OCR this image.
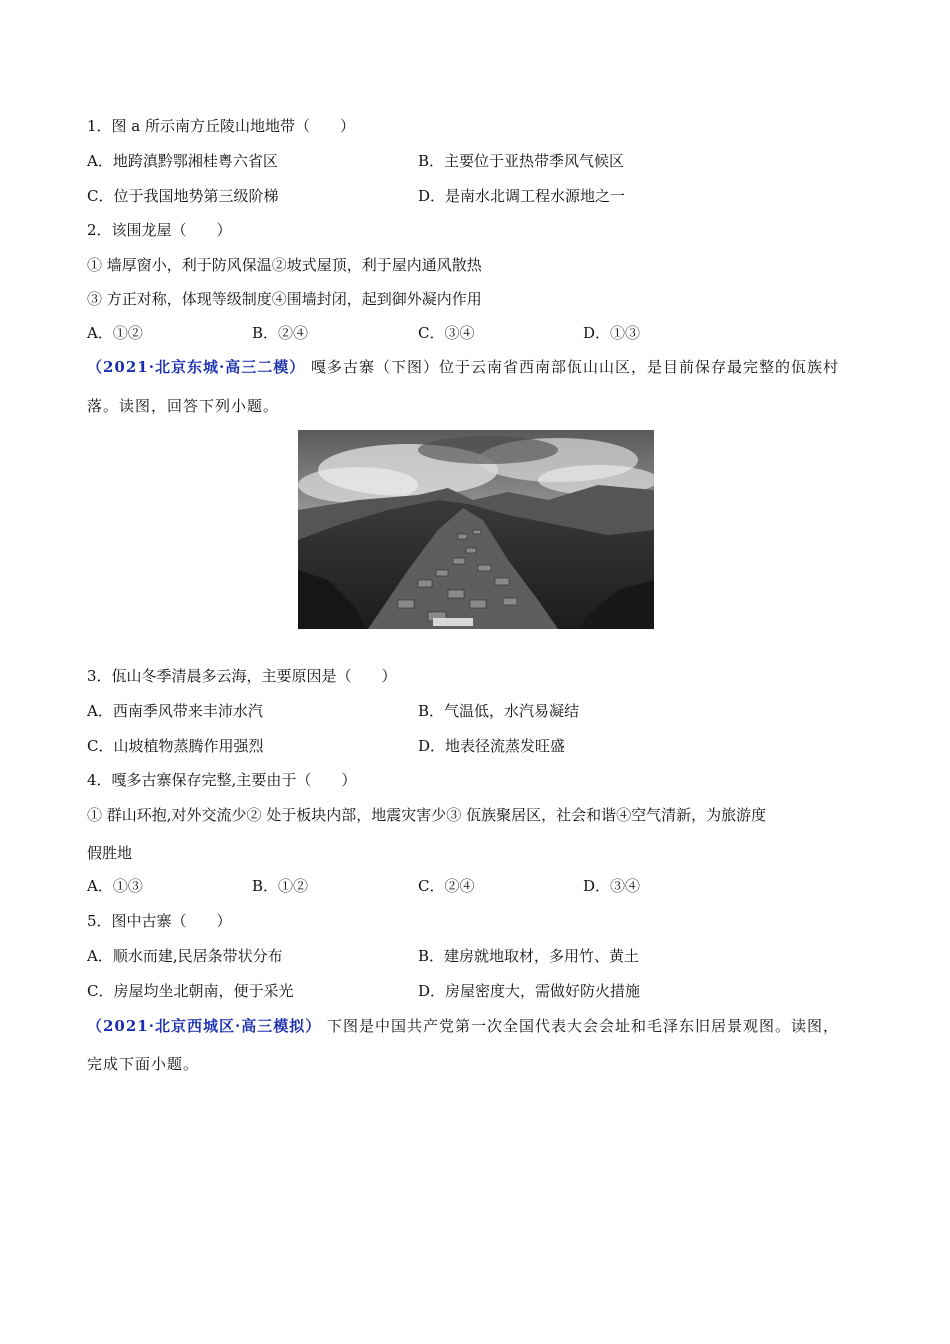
1．图 a 所示南方丘陵山地地带（　　）
A．地跨滇黔鄂湘桂粤六省区	B．主要位于亚热带季风气候区
C．位于我国地势第三级阶梯	D．是南水北调工程水源地之一
2．该围龙屋（　　）
① 墙厚窗小，利于防风保温②坡式屋顶，利于屋内通风散热
③ 方正对称，体现等级制度④围墙封闭，起到御外凝内作用
A．①②	B．②④	C．③④	D．①③
（2021·北京东城·高三二模） 嘎多古寨（下图）位于云南省西南部佤山山区，是目前保存最完整的佤族村
落。读图，回答下列小题。
3．佤山冬季清晨多云海，主要原因是（　　）
A．西南季风带来丰沛水汽	B．气温低，水汽易凝结
C．山坡植物蒸腾作用强烈	D．地表径流蒸发旺盛
4．嘎多古寨保存完整,主要由于（　　）
① 群山环抱,对外交流少② 处于板块内部，地震灾害少③ 佤族聚居区，社会和谐④空气清新，为旅游度
假胜地
A．①③	B．①②	C．②④	D．③④
5．图中古寨（　　）
A．顺水而建,民居条带状分布	B．建房就地取材，多用竹、黄土
C．房屋均坐北朝南，便于采光	D．房屋密度大，需做好防火措施
（2021·北京西城区·高三模拟） 下图是中国共产党第一次全国代表大会会址和毛泽东旧居景观图。读图，
完成下面小题。
